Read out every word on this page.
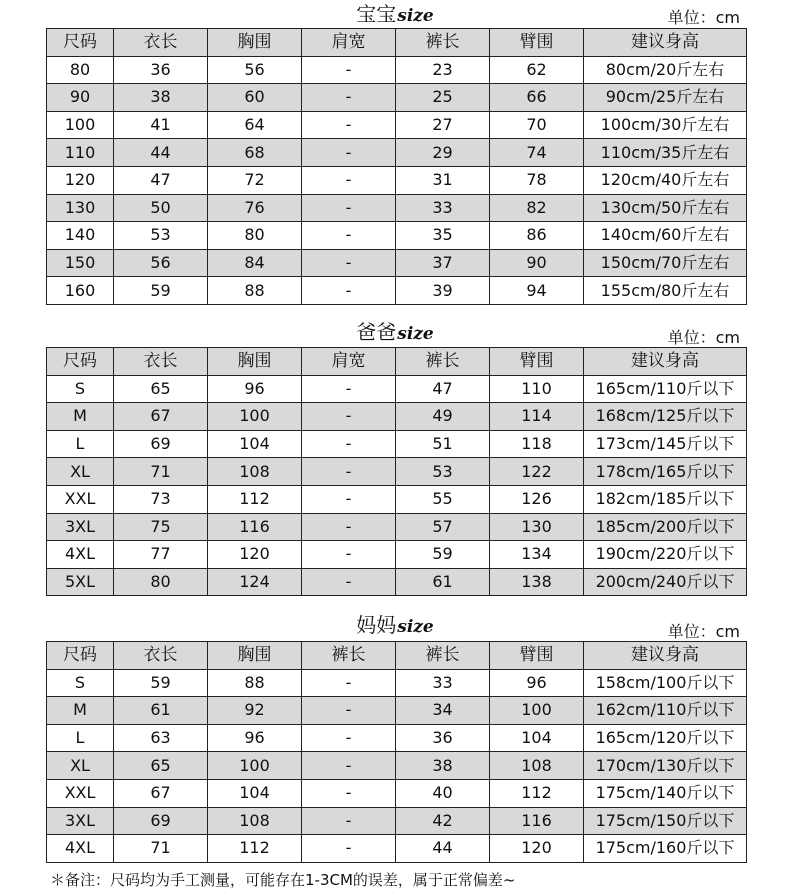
宝宝size	单位：cm
尺码	衣长	胸围	肩宽	裤长	臂围	建议身高
80	36	56	-	23	62	80cm/20斤左右
90	38	60	-	25	66	90cm/25斤左右
100	41	64	-	27	70	100cm/30斤左右
110	44	68	-	29	74	110cm/35斤左右
120	47	72	-	31	78	120cm/40斤左右
130	50	76	-	33	82	130cm/50斤左右
140	53	80	-	35	86	140cm/60斤左右
150	56	84	-	37	90	150cm/70斤左右
160	59	88	-	39	94	155cm/80斤左右
爸爸size	单位：cm
尺码	衣长	胸围	肩宽	裤长	臂围	建议身高
S	65	96	-	47	110	165cm/110斤以下
M	67	100	-	49	114	168cm/125斤以下
L	69	104	-	51	118	173cm/145斤以下
XL	71	108	-	53	122	178cm/165斤以下
XXL	73	112	-	55	126	182cm/185斤以下
3XL	75	116	-	57	130	185cm/200斤以下
4XL	77	120	-	59	134	190cm/220斤以下
5XL	80	124	-	61	138	200cm/240斤以下
妈妈size	单位：cm
尺码	衣长	胸围	裤长	裤长	臂围	建议身高
S	59	88	-	33	96	158cm/100斤以下
M	61	92	-	34	100	162cm/110斤以下
L	63	96	-	36	104	165cm/120斤以下
XL	65	100	-	38	108	170cm/130斤以下
XXL	67	104	-	40	112	175cm/140斤以下
3XL	69	108	-	42	116	175cm/150斤以下
4XL	71	112	-	44	120	175cm/160斤以下
＊备注：尺码均为手工测量，可能存在1-3CM的误差，属于正常偏差~
